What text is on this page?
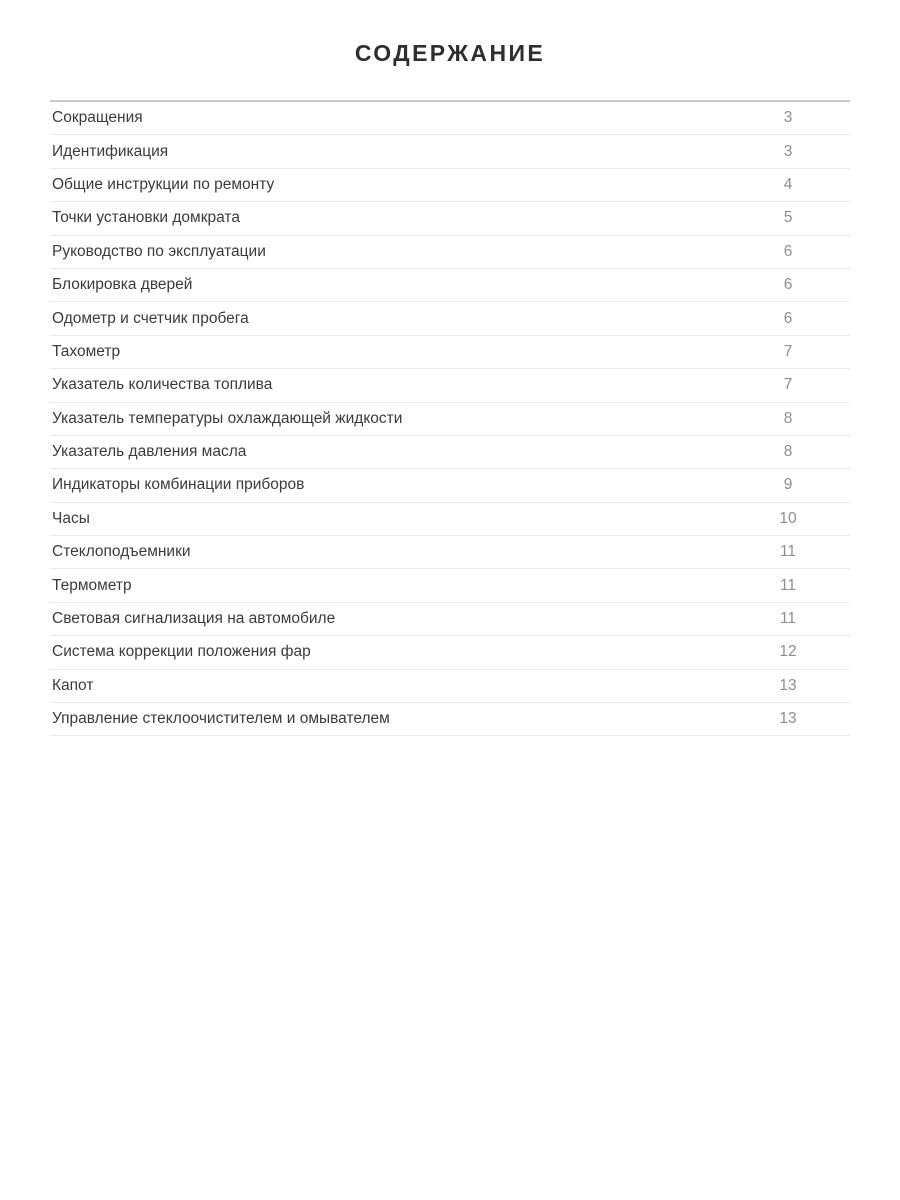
СОДЕРЖАНИЕ
Сокращения	3
Идентификация	3
Общие инструкции по ремонту	4
Точки установки домкрата	5
Руководство по эксплуатации	6
Блокировка дверей	6
Одометр и счетчик пробега	6
Тахометр	7
Указатель количества топлива	7
Указатель температуры охлаждающей жидкости	8
Указатель давления масла	8
Индикаторы комбинации приборов	9
Часы	10
Стеклоподъемники	11
Термометр	11
Световая сигнализация на автомобиле	11
Система коррекции положения фар	12
Капот	13
Управление стеклоочистителем и омывателем	13
